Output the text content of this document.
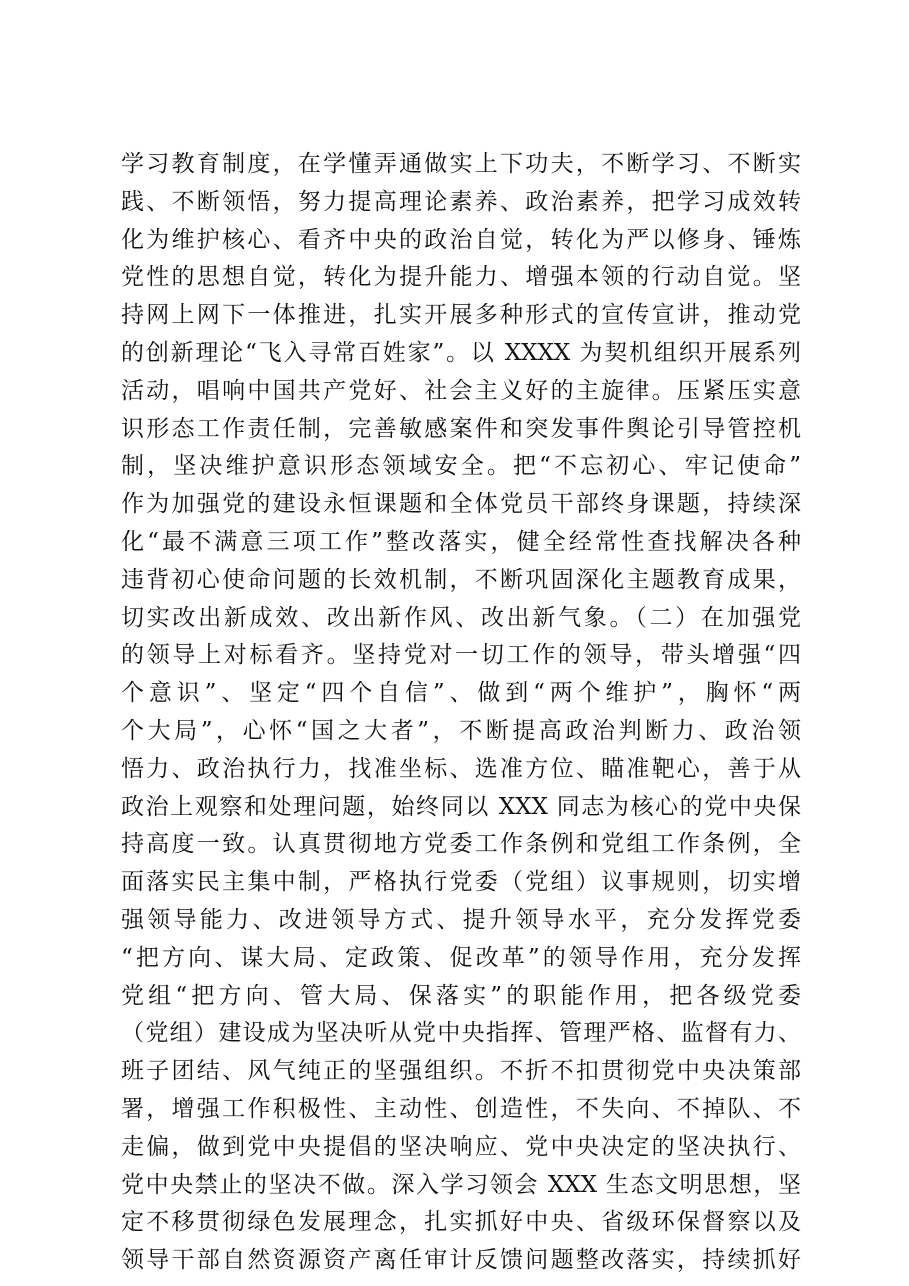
学习教育制度，在学懂弄通做实上下功夫，不断学习、不断实
践、不断领悟，努力提高理论素养、政治素养，把学习成效转
化为维护核心、看齐中央的政治自觉，转化为严以修身、锤炼
党性的思想自觉，转化为提升能力、增强本领的行动自觉。坚
持网上网下一体推进，扎实开展多种形式的宣传宣讲，推动党
的创新理论“飞入寻常百姓家”。以 XXXX 为契机组织开展系列
活动，唱响中国共产党好、社会主义好的主旋律。压紧压实意
识形态工作责任制，完善敏感案件和突发事件舆论引导管控机
制，坚决维护意识形态领域安全。把“不忘初心、牢记使命”
作为加强党的建设永恒课题和全体党员干部终身课题，持续深
化“最不满意三项工作”整改落实，健全经常性查找解决各种
违背初心使命问题的长效机制，不断巩固深化主题教育成果，
切实改出新成效、改出新作风、改出新气象。（二）在加强党
的领导上对标看齐。坚持党对一切工作的领导，带头增强“四
个意识”、坚定“四个自信”、做到“两个维护”，胸怀“两
个大局”，心怀“国之大者”，不断提高政治判断力、政治领
悟力、政治执行力，找准坐标、选准方位、瞄准靶心，善于从
政治上观察和处理问题，始终同以 XXX 同志为核心的党中央保
持高度一致。认真贯彻地方党委工作条例和党组工作条例，全
面落实民主集中制，严格执行党委（党组）议事规则，切实增
强领导能力、改进领导方式、提升领导水平，充分发挥党委
“把方向、谋大局、定政策、促改革”的领导作用，充分发挥
党组“把方向、管大局、保落实”的职能作用，把各级党委
（党组）建设成为坚决听从党中央指挥、管理严格、监督有力、
班子团结、风气纯正的坚强组织。不折不扣贯彻党中央决策部
署，增强工作积极性、主动性、创造性，不失向、不掉队、不
走偏，做到党中央提倡的坚决响应、党中央决定的坚决执行、
党中央禁止的坚决不做。深入学习领会 XXX 生态文明思想，坚
定不移贯彻绿色发展理念，扎实抓好中央、省级环保督察以及
领导干部自然资源资产离任审计反馈问题整改落实，持续抓好
